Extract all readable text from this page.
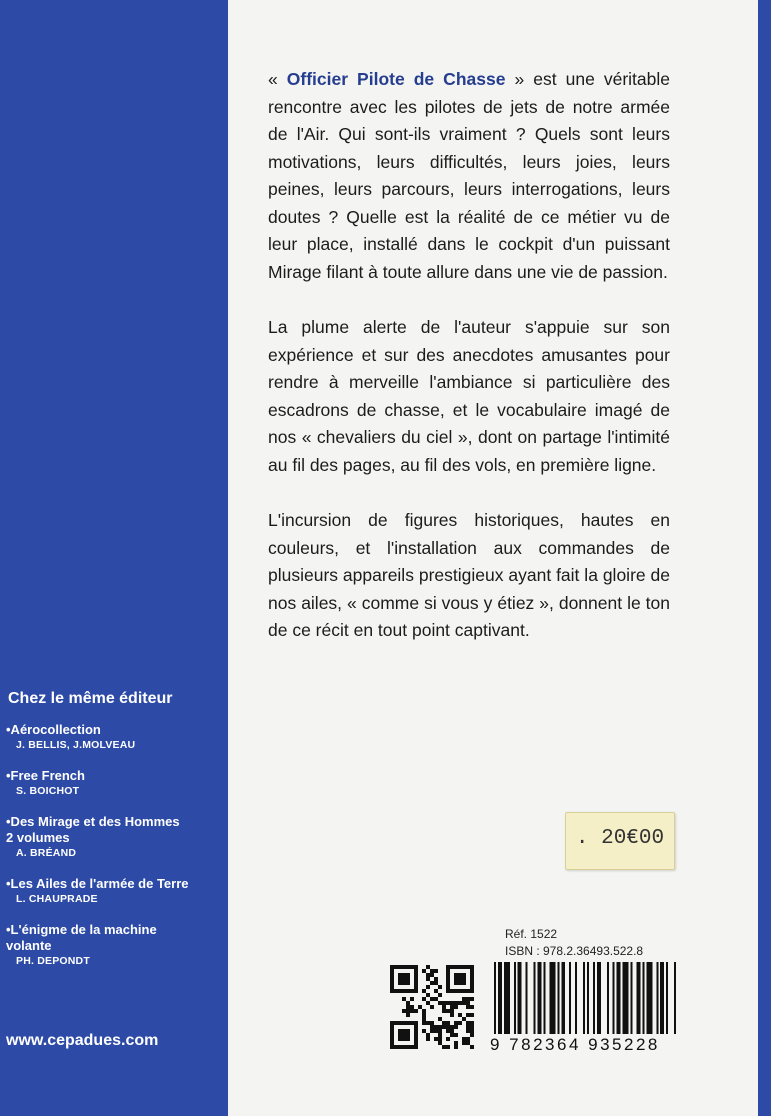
Chez le même éditeur
•Aérocollection
J. BELLIS, J.MOLVEAU
•Free French
S. BOICHOT
•Des Mirage et des Hommes
2 volumes
A. BRÉAND
•Les Ailes de l'armée de Terre
L. CHAUPRADE
•L'énigme de la machine
volante
PH. DEPONDT
www.cepadues.com

« Officier Pilote de Chasse » est une véritable rencontre avec les pilotes de jets de notre armée de l'Air. Qui sont-ils vraiment ? Quels sont leurs motivations, leurs difficultés, leurs joies, leurs peines, leurs parcours, leurs interrogations, leurs doutes ? Quelle est la réalité de ce métier vu de leur place, installé dans le cockpit d'un puissant Mirage filant à toute allure dans une vie de passion.

La plume alerte de l'auteur s'appuie sur son expérience et sur des anecdotes amusantes pour rendre à merveille l'ambiance si particulière des escadrons de chasse, et le vocabulaire imagé de nos « chevaliers du ciel », dont on partage l'intimité au fil des pages, au fil des vols, en première ligne.

L'incursion de figures historiques, hautes en couleurs, et l'installation aux commandes de plusieurs appareils prestigieux ayant fait la gloire de nos ailes, « comme si vous y étiez », donnent le ton de ce récit en tout point captivant.

. 20€00
Réf. 1522
ISBN : 978.2.36493.522.8
9 782364 935228
